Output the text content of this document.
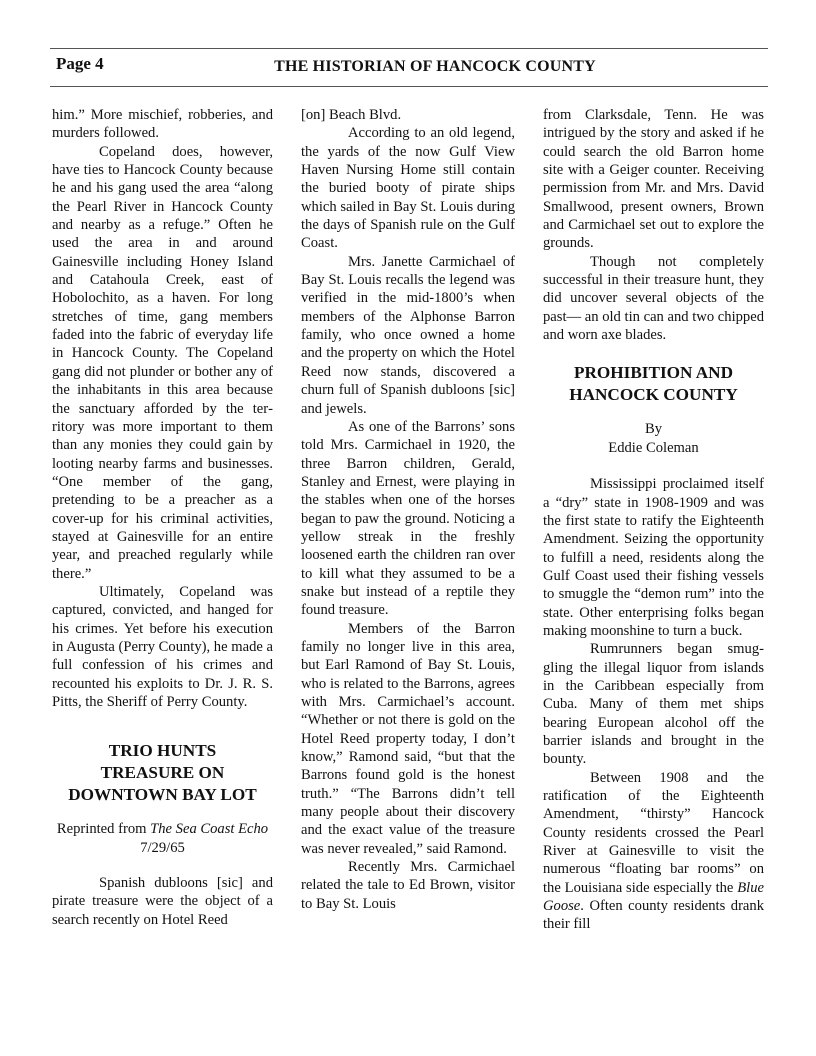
Page 4	THE HISTORIAN OF HANCOCK COUNTY

him.” More mischief, robberies, and murders followed.

Copeland does, however, have ties to Hancock County because he and his gang used the area “along the Pearl River in Hancock County and nearby as a refuge.” Often he used the area in and around Gainesville including Honey Island and Catahoula Creek, east of Hobolochito, as a haven. For long stretches of time, gang members faded into the fabric of everyday life in Hancock County. The Copeland gang did not plunder or bother any of the inhabitants in this area because the sanctuary afforded by the territory was more important to them than any monies they could gain by looting nearby farms and businesses. “One member of the gang, pretending to be a preacher as a cover-up for his criminal activities, stayed at Gainesville for an entire year, and preached regularly while there.”

Ultimately, Copeland was captured, convicted, and hanged for his crimes. Yet before his execution in Augusta (Perry County), he made a full confession of his crimes and recounted his exploits to Dr. J. R. S. Pitts, the Sheriff of Perry County.

TRIO HUNTS

TREASURE ON

DOWNTOWN BAY LOT

Reprinted from The Sea Coast Echo 7/29/65

Spanish dubloons [sic] and pirate treasure were the object of a search recently on Hotel Reed

[on] Beach Blvd.

According to an old legend, the yards of the now Gulf View Haven Nursing Home still contain the buried booty of pirate ships which sailed in Bay St. Louis during the days of Spanish rule on the Gulf Coast.

Mrs. Janette Carmichael of Bay St. Louis recalls the legend was verified in the mid-1800’s when members of the Alphonse Barron family, who once owned a home and the property on which the Hotel Reed now stands, discovered a churn full of Spanish dubloons [sic] and jewels.

As one of the Barrons’ sons told Mrs. Carmichael in 1920, the three Barron children, Gerald, Stanley and Ernest, were playing in the stables when one of the horses began to paw the ground. Noticing a yellow streak in the freshly loosened earth the children ran over to kill what they assumed to be a snake but instead of a reptile they found treasure.

Members of the Barron family no longer live in this area, but Earl Ramond of Bay St. Louis, who is related to the Barrons, agrees with Mrs. Carmichael’s account. “Whether or not there is gold on the Hotel Reed property today, I don’t know,” Ramond said, “but that the Barrons found gold is the honest truth.” “The Barrons didn’t tell many people about their discovery and the exact value of the treasure was never revealed,” said Ramond.

Recently Mrs. Carmichael related the tale to Ed Brown, visitor to Bay St. Louis

from Clarksdale, Tenn. He was intrigued by the story and asked if he could search the old Barron home site with a Geiger counter. Receiving permission from Mr. and Mrs. David Smallwood, present owners, Brown and Carmichael set out to explore the grounds.

Though not completely successful in their treasure hunt, they did uncover several objects of the past— an old tin can and two chipped and worn axe blades.

PROHIBITION AND

HANCOCK COUNTY

By

Eddie Coleman

Mississippi proclaimed itself a “dry” state in 1908-1909 and was the first state to ratify the Eighteenth Amendment. Seizing the opportunity to fulfill a need, residents along the Gulf Coast used their fishing vessels to smuggle the “demon rum” into the state. Other enterprising folks began making moonshine to turn a buck.

Rumrunners began smuggling the illegal liquor from islands in the Caribbean especially from Cuba. Many of them met ships bearing European alcohol off the barrier islands and brought in the bounty.

Between 1908 and the ratification of the Eighteenth Amendment, “thirsty” Hancock County residents crossed the Pearl River at Gainesville to visit the numerous “floating bar rooms” on the Louisiana side especially the Blue Goose. Often county residents drank their fill
